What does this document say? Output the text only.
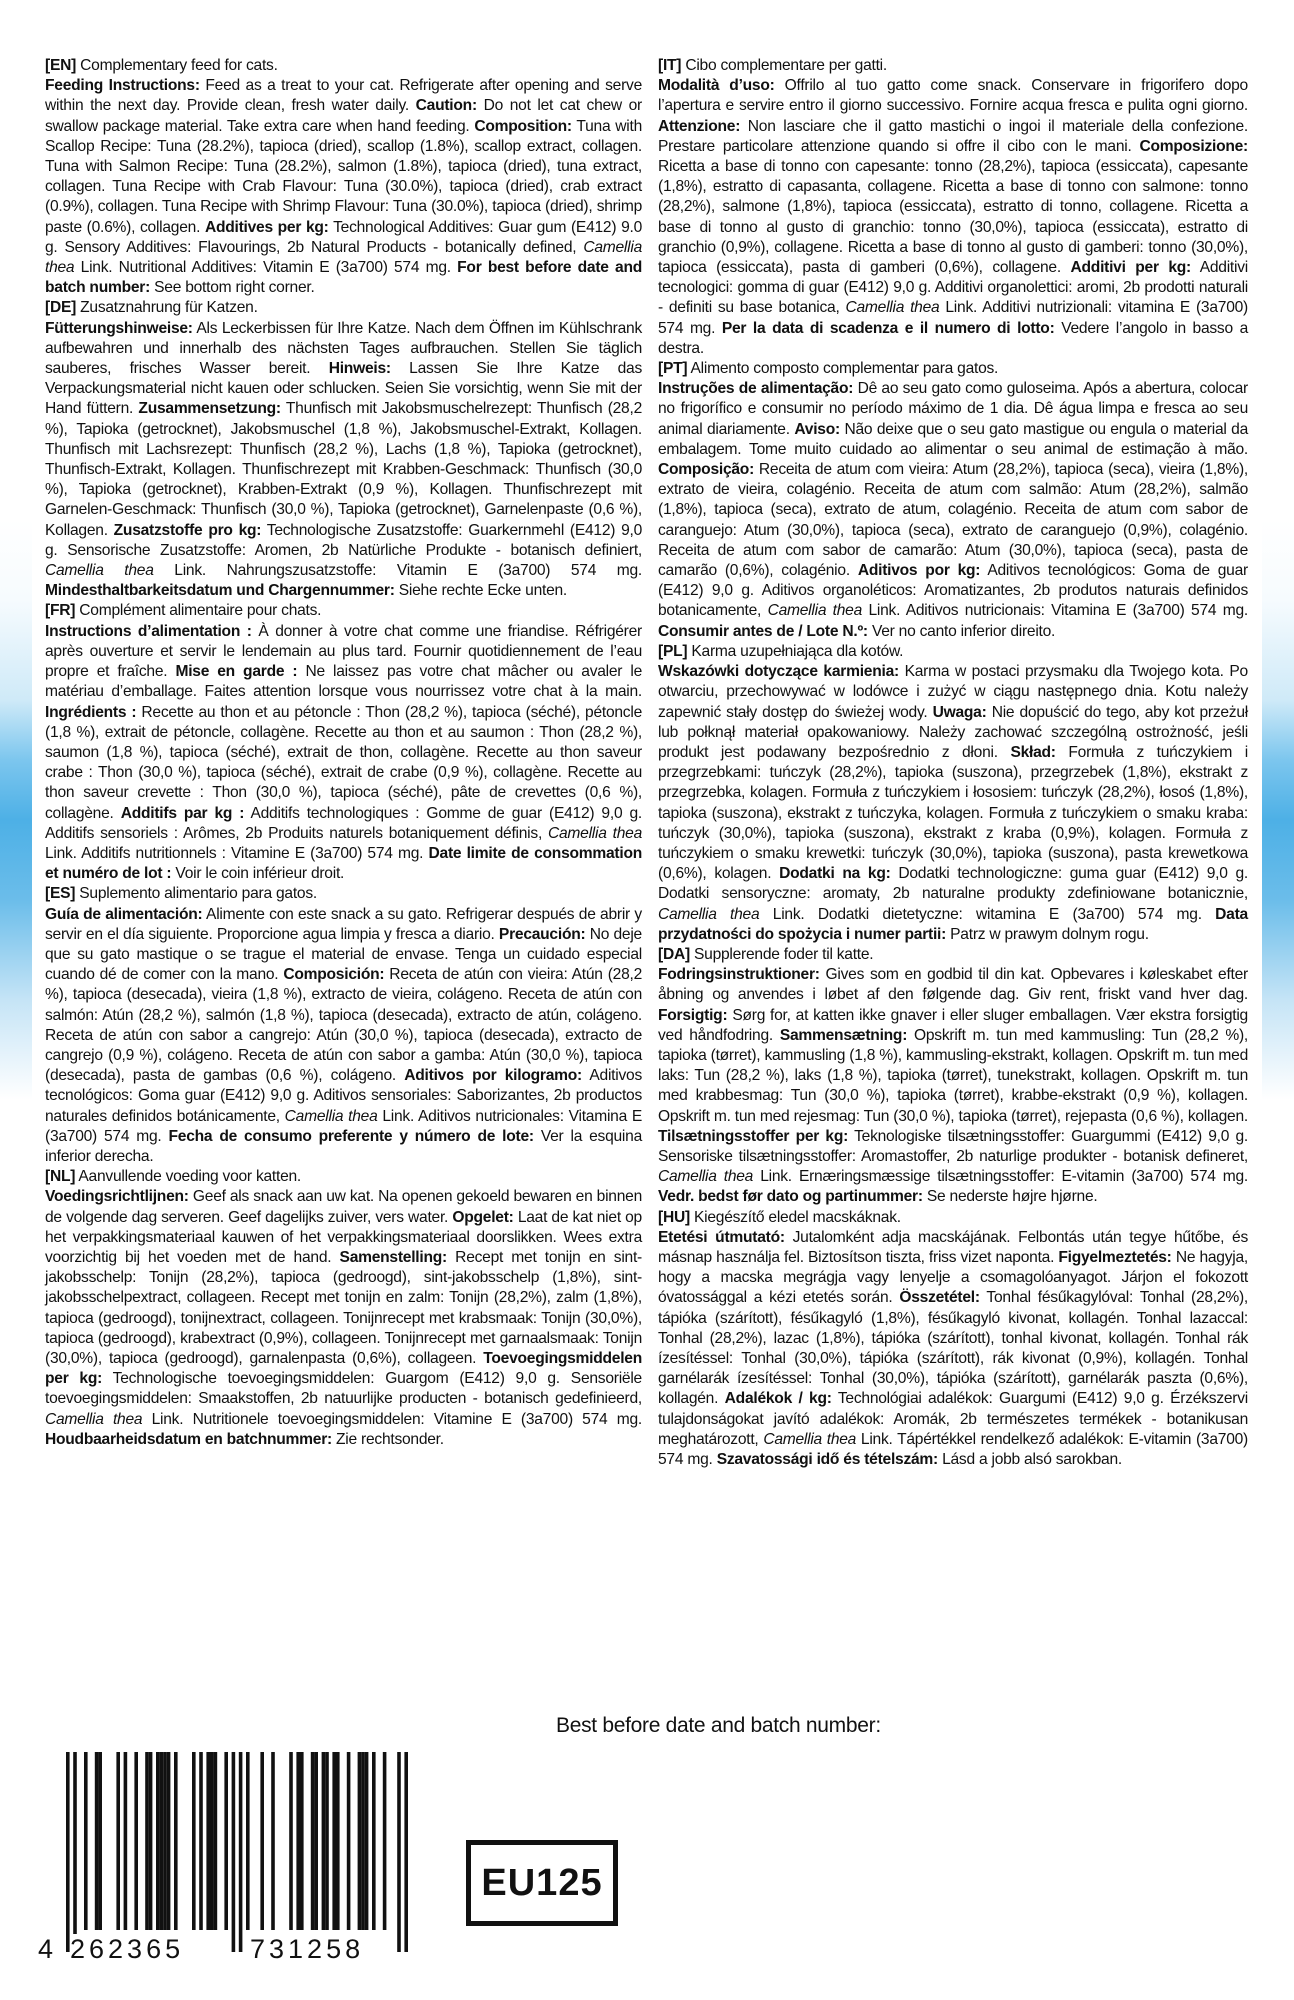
[EN] Complementary feed for cats.
Feeding Instructions: Feed as a treat to your cat. Refrigerate after opening and serve within the next day. Provide clean, fresh water daily. Caution: Do not let cat chew or swallow package material. Take extra care when hand feeding. Composition: Tuna with Scallop Recipe: Tuna (28.2%), tapioca (dried), scallop (1.8%), scallop extract, collagen. Tuna with Salmon Recipe: Tuna (28.2%), salmon (1.8%), tapioca (dried), tuna extract, collagen. Tuna Recipe with Crab Flavour: Tuna (30.0%), tapioca (dried), crab extract (0.9%), collagen. Tuna Recipe with Shrimp Flavour: Tuna (30.0%), tapioca (dried), shrimp paste (0.6%), collagen. Additives per kg: Technological Additives: Guar gum (E412) 9.0 g. Sensory Additives: Flavourings, 2b Natural Products - botanically defined, Camellia thea Link. Nutritional Additives: Vitamin E (3a700) 574 mg. For best before date and batch number: See bottom right corner.

[DE] Zusatznahrung für Katzen.
Fütterungshinweise: Als Leckerbissen für Ihre Katze. Nach dem Öffnen im Kühlschrank aufbewahren und innerhalb des nächsten Tages aufbrauchen. Stellen Sie täglich sauberes, frisches Wasser bereit. Hinweis: Lassen Sie Ihre Katze das Verpackungsmaterial nicht kauen oder schlucken. Seien Sie vorsichtig, wenn Sie mit der Hand füttern. Zusammensetzung: Thunfisch mit Jakobsmuschelrezept: Thunfisch (28,2 %), Tapioka (getrocknet), Jakobsmuschel (1,8 %), Jakobsmuschel-Extrakt, Kollagen. Thunfisch mit Lachsrezept: Thunfisch (28,2 %), Lachs (1,8 %), Tapioka (getrocknet), Thunfisch-Extrakt, Kollagen. Thunfischrezept mit Krabben-Geschmack: Thunfisch (30,0 %), Tapioka (getrocknet), Krabben-Extrakt (0,9 %), Kollagen. Thunfischrezept mit Garnelen-Geschmack: Thunfisch (30,0 %), Tapioka (getrocknet), Garnelenpaste (0,6 %), Kollagen. Zusatzstoffe pro kg: Technologische Zusatzstoffe: Guarkernmehl (E412) 9,0 g. Sensorische Zusatzstoffe: Aromen, 2b Natürliche Produkte - botanisch definiert, Camellia thea Link. Nahrungszusatzstoffe: Vitamin E (3a700) 574 mg. Mindesthaltbarkeitsdatum und Chargennummer: Siehe rechte Ecke unten.

[FR] Complément alimentaire pour chats.
Instructions d’alimentation : À donner à votre chat comme une friandise. Réfrigérer après ouverture et servir le lendemain au plus tard. Fournir quotidiennement de l’eau propre et fraîche. Mise en garde : Ne laissez pas votre chat mâcher ou avaler le matériau d’emballage. Faites attention lorsque vous nourrissez votre chat à la main. Ingrédients : Recette au thon et au pétoncle : Thon (28,2 %), tapioca (séché), pétoncle (1,8 %), extrait de pétoncle, collagène. Recette au thon et au saumon : Thon (28,2 %), saumon (1,8 %), tapioca (séché), extrait de thon, collagène. Recette au thon saveur crabe : Thon (30,0 %), tapioca (séché), extrait de crabe (0,9 %), collagène. Recette au thon saveur crevette : Thon (30,0 %), tapioca (séché), pâte de crevettes (0,6 %), collagène. Additifs par kg : Additifs technologiques : Gomme de guar (E412) 9,0 g. Additifs sensoriels : Arômes, 2b Produits naturels botaniquement définis, Camellia thea Link. Additifs nutritionnels : Vitamine E (3a700) 574 mg. Date limite de consommation et numéro de lot : Voir le coin inférieur droit.

[ES] Suplemento alimentario para gatos.
Guía de alimentación: Alimente con este snack a su gato. Refrigerar después de abrir y servir en el día siguiente. Proporcione agua limpia y fresca a diario. Precaución: No deje que su gato mastique o se trague el material de envase. Tenga un cuidado especial cuando dé de comer con la mano. Composición: Receta de atún con vieira: Atún (28,2 %), tapioca (desecada), vieira (1,8 %), extracto de vieira, colágeno. Receta de atún con salmón: Atún (28,2 %), salmón (1,8 %), tapioca (desecada), extracto de atún, colágeno. Receta de atún con sabor a cangrejo: Atún (30,0 %), tapioca (desecada), extracto de cangrejo (0,9 %), colágeno. Receta de atún con sabor a gamba: Atún (30,0 %), tapioca (desecada), pasta de gambas (0,6 %), colágeno. Aditivos por kilogramo: Aditivos tecnológicos: Goma guar (E412) 9,0 g. Aditivos sensoriales: Saborizantes, 2b productos naturales definidos botánicamente, Camellia thea Link. Aditivos nutricionales: Vitamina E (3a700) 574 mg. Fecha de consumo preferente y número de lote: Ver la esquina inferior derecha.

[NL] Aanvullende voeding voor katten.
Voedingsrichtlijnen: Geef als snack aan uw kat. Na openen gekoeld bewaren en binnen de volgende dag serveren. Geef dagelijks zuiver, vers water. Opgelet: Laat de kat niet op het verpakkingsmateriaal kauwen of het verpakkingsmateriaal doorslikken. Wees extra voorzichtig bij het voeden met de hand. Samenstelling: Recept met tonijn en sint-jakobsschelp: Tonijn (28,2%), tapioca (gedroogd), sint-jakobsschelp (1,8%), sint-jakobsschelpextract, collageen. Recept met tonijn en zalm: Tonijn (28,2%), zalm (1,8%), tapioca (gedroogd), tonijnextract, collageen. Tonijnrecept met krabsmaak: Tonijn (30,0%), tapioca (gedroogd), krabextract (0,9%), collageen. Tonijnrecept met garnaalsmaak: Tonijn (30,0%), tapioca (gedroogd), garnalenpasta (0,6%), collageen. Toevoegingsmiddelen per kg: Technologische toevoegingsmiddelen: Guargom (E412) 9,0 g. Sensoriële toevoegingsmiddelen: Smaakstoffen, 2b natuurlijke producten - botanisch gedefinieerd, Camellia thea Link. Nutritionele toevoegingsmiddelen: Vitamine E (3a700) 574 mg. Houdbaarheidsdatum en batchnummer: Zie rechtsonder.

[IT] Cibo complementare per gatti.
Modalità d’uso: Offrilo al tuo gatto come snack. Conservare in frigorifero dopo l’apertura e servire entro il giorno successivo. Fornire acqua fresca e pulita ogni giorno. Attenzione: Non lasciare che il gatto mastichi o ingoi il materiale della confezione. Prestare particolare attenzione quando si offre il cibo con le mani. Composizione: Ricetta a base di tonno con capesante: tonno (28,2%), tapioca (essiccata), capesante (1,8%), estratto di capasanta, collagene. Ricetta a base di tonno con salmone: tonno (28,2%), salmone (1,8%), tapioca (essiccata), estratto di tonno, collagene. Ricetta a base di tonno al gusto di granchio: tonno (30,0%), tapioca (essiccata), estratto di granchio (0,9%), collagene. Ricetta a base di tonno al gusto di gamberi: tonno (30,0%), tapioca (essiccata), pasta di gamberi (0,6%), collagene. Additivi per kg: Additivi tecnologici: gomma di guar (E412) 9,0 g. Additivi organolettici: aromi, 2b prodotti naturali - definiti su base botanica, Camellia thea Link. Additivi nutrizionali: vitamina E (3a700) 574 mg. Per la data di scadenza e il numero di lotto: Vedere l’angolo in basso a destra.

[PT] Alimento composto complementar para gatos.
Instruções de alimentação: Dê ao seu gato como guloseima. Após a abertura, colocar no frigorífico e consumir no período máximo de 1 dia. Dê água limpa e fresca ao seu animal diariamente. Aviso: Não deixe que o seu gato mastigue ou engula o material da embalagem. Tome muito cuidado ao alimentar o seu animal de estimação à mão. Composição: Receita de atum com vieira: Atum (28,2%), tapioca (seca), vieira (1,8%), extrato de vieira, colagénio. Receita de atum com salmão: Atum (28,2%), salmão (1,8%), tapioca (seca), extrato de atum, colagénio. Receita de atum com sabor de caranguejo: Atum (30,0%), tapioca (seca), extrato de caranguejo (0,9%), colagénio. Receita de atum com sabor de camarão: Atum (30,0%), tapioca (seca), pasta de camarão (0,6%), colagénio. Aditivos por kg: Aditivos tecnológicos: Goma de guar (E412) 9,0 g. Aditivos organoléticos: Aromatizantes, 2b produtos naturais definidos botanicamente, Camellia thea Link. Aditivos nutricionais: Vitamina E (3a700) 574 mg. Consumir antes de / Lote N.º: Ver no canto inferior direito.

[PL] Karma uzupełniająca dla kotów.
Wskazówki dotyczące karmienia: Karma w postaci przysmaku dla Twojego kota. Po otwarciu, przechowywać w lodówce i zużyć w ciągu następnego dnia. Kotu należy zapewnić stały dostęp do świeżej wody. Uwaga: Nie dopuścić do tego, aby kot przeżuł lub połknął materiał opakowaniowy. Należy zachować szczególną ostrożność, jeśli produkt jest podawany bezpośrednio z dłoni. Skład: Formuła z tuńczykiem i przegrzebkami: tuńczyk (28,2%), tapioka (suszona), przegrzebek (1,8%), ekstrakt z przegrzebka, kolagen. Formuła z tuńczykiem i łososiem: tuńczyk (28,2%), łosoś (1,8%), tapioka (suszona), ekstrakt z tuńczyka, kolagen. Formuła z tuńczykiem o smaku kraba: tuńczyk (30,0%), tapioka (suszona), ekstrakt z kraba (0,9%), kolagen. Formuła z tuńczykiem o smaku krewetki: tuńczyk (30,0%), tapioka (suszona), pasta krewetkowa (0,6%), kolagen. Dodatki na kg: Dodatki technologiczne: guma guar (E412) 9,0 g. Dodatki sensoryczne: aromaty, 2b naturalne produkty zdefiniowane botanicznie, Camellia thea Link. Dodatki dietetyczne: witamina E (3a700) 574 mg. Data przydatności do spożycia i numer partii: Patrz w prawym dolnym rogu.

[DA] Supplerende foder til katte.
Fodringsinstruktioner: Gives som en godbid til din kat. Opbevares i køleskabet efter åbning og anvendes i løbet af den følgende dag. Giv rent, friskt vand hver dag. Forsigtig: Sørg for, at katten ikke gnaver i eller sluger emballagen. Vær ekstra forsigtig ved håndfodring. Sammensætning: Opskrift m. tun med kammusling: Tun (28,2 %), tapioka (tørret), kammusling (1,8 %), kammusling-ekstrakt, kollagen. Opskrift m. tun med laks: Tun (28,2 %), laks (1,8 %), tapioka (tørret), tunekstrakt, kollagen. Opskrift m. tun med krabbesmag: Tun (30,0 %), tapioka (tørret), krabbe-ekstrakt (0,9 %), kollagen. Opskrift m. tun med rejesmag: Tun (30,0 %), tapioka (tørret), rejepasta (0,6 %), kollagen. Tilsætningsstoffer per kg: Teknologiske tilsætningsstoffer: Guargummi (E412) 9,0 g. Sensoriske tilsætningsstoffer: Aromastoffer, 2b naturlige produkter - botanisk defineret, Camellia thea Link. Ernæringsmæssige tilsætningsstoffer: E-vitamin (3a700) 574 mg. Vedr. bedst før dato og partinummer: Se nederste højre hjørne.

[HU] Kiegészítő eledel macskáknak.
Etetési útmutató: Jutalomként adja macskájának. Felbontás után tegye hűtőbe, és másnap használja fel. Biztosítson tiszta, friss vizet naponta. Figyelmeztetés: Ne hagyja, hogy a macska megrágja vagy lenyelje a csomagolóanyagot. Járjon el fokozott óvatossággal a kézi etetés során. Összetétel: Tonhal fésűkagylóval: Tonhal (28,2%), tápióka (szárított), fésűkagyló (1,8%), fésűkagyló kivonat, kollagén. Tonhal lazaccal: Tonhal (28,2%), lazac (1,8%), tápióka (szárított), tonhal kivonat, kollagén. Tonhal rák ízesítéssel: Tonhal (30,0%), tápióka (szárított), rák kivonat (0,9%), kollagén. Tonhal garnélarák ízesítéssel: Tonhal (30,0%), tápióka (szárított), garnélarák paszta (0,6%), kollagén. Adalékok / kg: Technológiai adalékok: Guargumi (E412) 9,0 g. Érzékszervi tulajdonságokat javító adalékok: Aromák, 2b természetes termékek - botanikusan meghatározott, Camellia thea Link. Tápértékkel rendelkező adalékok: E-vitamin (3a700) 574 mg. Szavatossági idő és tételszám: Lásd a jobb alsó sarokban.

Best before date and batch number:
4 262365 731258
EU125
